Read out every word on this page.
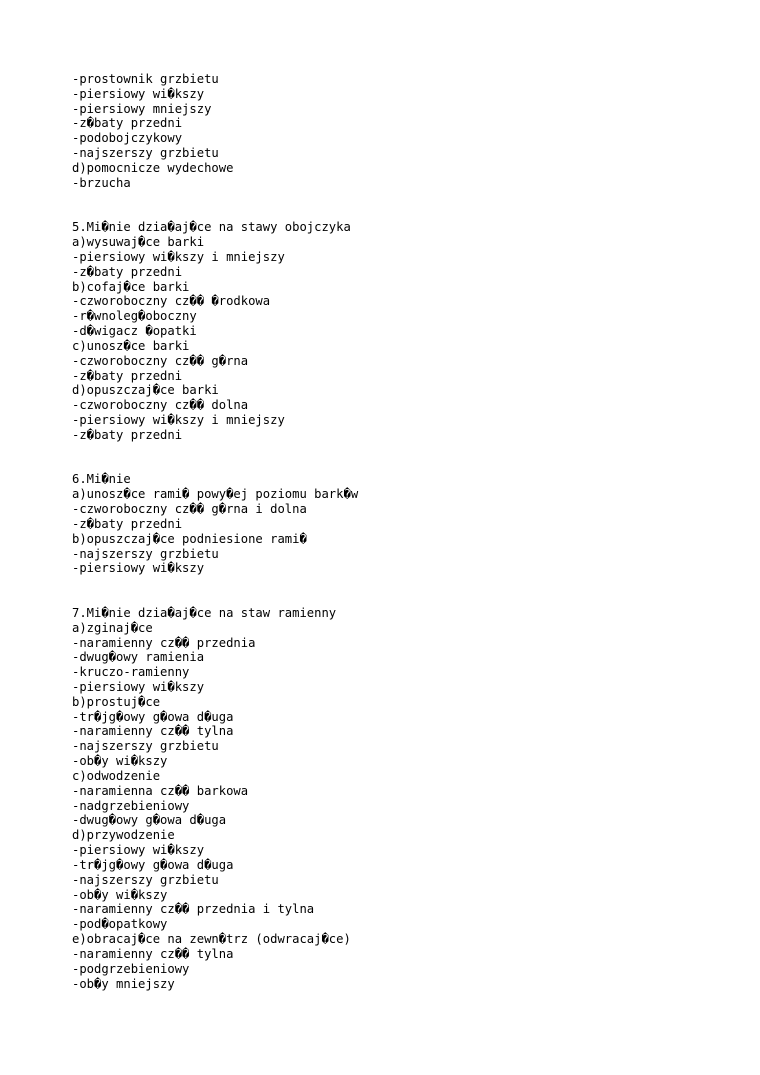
-prostownik grzbietu
-piersiowy wi�kszy
-piersiowy mniejszy
-z�baty przedni
-podobojczykowy
-najszerszy grzbietu
d)pomocnicze wydechowe
-brzucha
5.Mi�nie dzia�aj�ce na stawy obojczyka
a)wysuwaj�ce barki
-piersiowy wi�kszy i mniejszy
-z�baty przedni
b)cofaj�ce barki
-czworoboczny cz�� �rodkowa
-r�wnoleg�oboczny
-d�wigacz �opatki
c)unosz�ce barki
-czworoboczny cz�� g�rna
-z�baty przedni
d)opuszczaj�ce barki
-czworoboczny cz�� dolna
-piersiowy wi�kszy i mniejszy
-z�baty przedni
6.Mi�nie
a)unosz�ce rami� powy�ej poziomu bark�w
-czworoboczny cz�� g�rna i dolna
-z�baty przedni
b)opuszczaj�ce podniesione rami�
-najszerszy grzbietu
-piersiowy wi�kszy
7.Mi�nie dzia�aj�ce na staw ramienny
a)zginaj�ce
-naramienny cz�� przednia
-dwug�owy ramienia
-kruczo-ramienny
-piersiowy wi�kszy
b)prostuj�ce
-tr�jg�owy g�owa d�uga
-naramienny cz�� tylna
-najszerszy grzbietu
-ob�y wi�kszy
c)odwodzenie
-naramienna cz�� barkowa
-nadgrzebieniowy
-dwug�owy g�owa d�uga
d)przywodzenie
-piersiowy wi�kszy
-tr�jg�owy g�owa d�uga
-najszerszy grzbietu
-ob�y wi�kszy
-naramienny cz�� przednia i tylna
-pod�opatkowy
e)obracaj�ce na zewn�trz (odwracaj�ce)
-naramienny cz�� tylna
-podgrzebieniowy
-ob�y mniejszy
